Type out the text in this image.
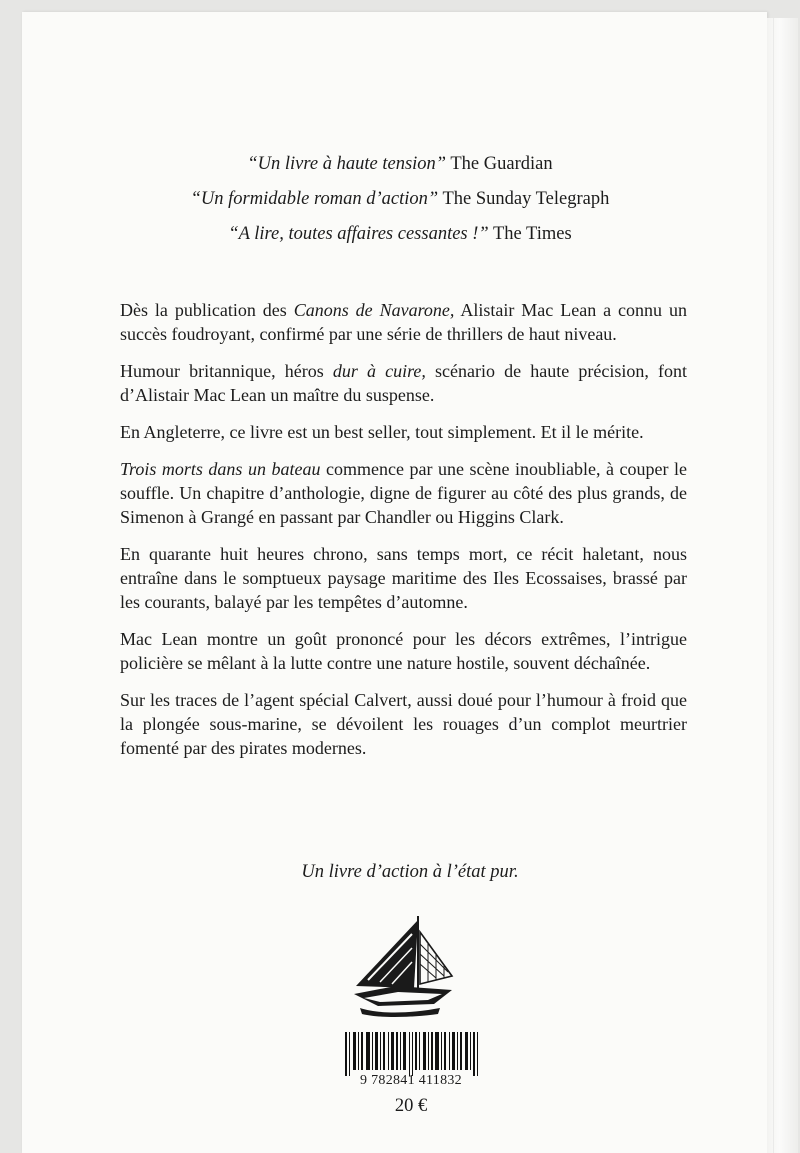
“Un livre à haute tension” The Guardian
“Un formidable roman d’action” The Sunday Telegraph
“A lire, toutes affaires cessantes !” The Times

Dès la publication des Canons de Navarone, Alistair Mac Lean a connu un succès foudroyant, confirmé par une série de thrillers de haut niveau.

Humour britannique, héros dur à cuire, scénario de haute précision, font d’Alistair Mac Lean un maître du suspense.

En Angleterre, ce livre est un best seller, tout simplement. Et il le mérite.

Trois morts dans un bateau commence par une scène inoubliable, à couper le souffle. Un chapitre d’anthologie, digne de figurer au côté des plus grands, de Simenon à Grangé en passant par Chandler ou Higgins Clark.

En quarante huit heures chrono, sans temps mort, ce récit haletant, nous entraîne dans le somptueux paysage maritime des Iles Ecossaises, brassé par les courants, balayé par les tempêtes d’automne.

Mac Lean montre un goût prononcé pour les décors extrêmes, l’intrigue policière se mêlant à la lutte contre une nature hostile, souvent déchaînée.

Sur les traces de l’agent spécial Calvert, aussi doué pour l’humour à froid que la plongée sous-marine, se dévoilent les rouages d’un complot meurtrier fomenté par des pirates modernes.

Un livre d’action à l’état pur.
9 782841 411832
20 €
